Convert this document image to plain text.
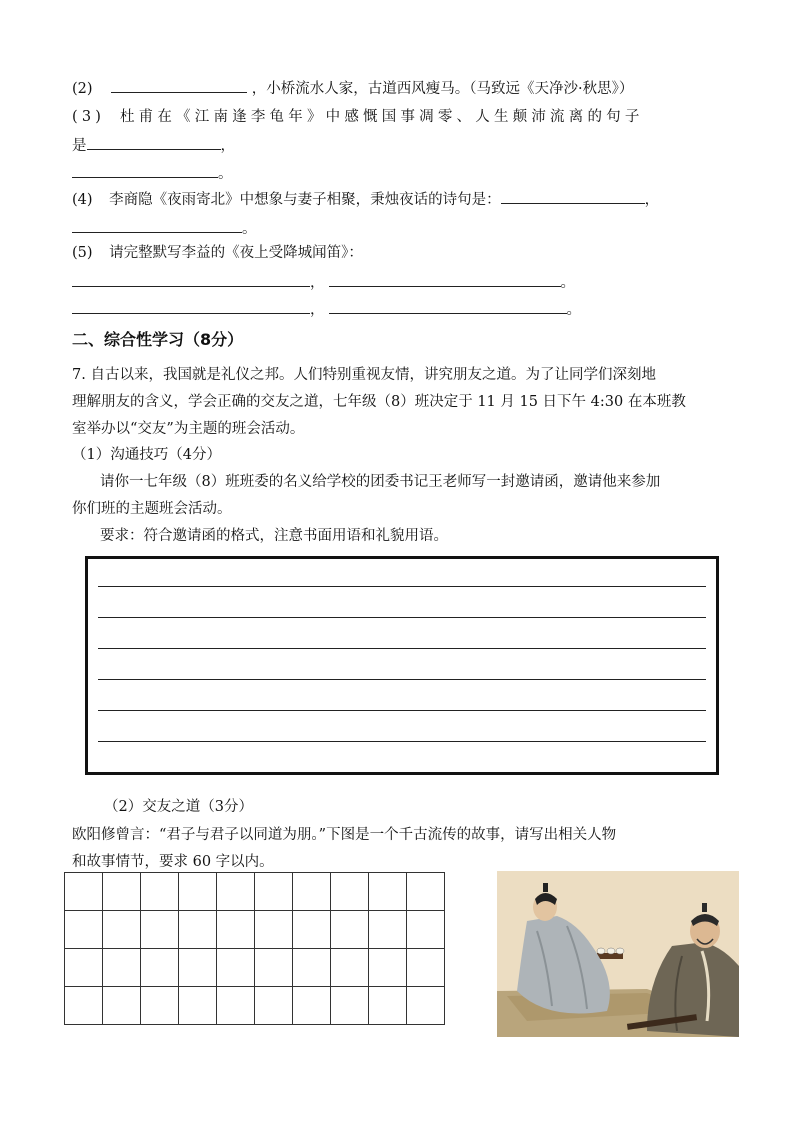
(2)	，小桥流水人家，古道西风瘦马。（马致远《天净沙·秋思》）
(3) 杜甫在《江南逢李龟年》中感慨国事凋零、人生颠沛流离的句子
是	，
。
(4) 李商隐《夜雨寄北》中想象与妻子相聚，秉烛夜话的诗句是：	，
。
(5) 请完整默写李益的《夜上受降城闻笛》：
，	。
，	。
二、综合性学习（8分）
7. 自古以来，我国就是礼仪之邦。人们特别重视友情，讲究朋友之道。为了让同学们深刻地
理解朋友的含义，学会正确的交友之道，七年级（8）班决定于 11 月 15 日下午 4:30 在本班教
室举办以“交友”为主题的班会活动。
（1）沟通技巧（4分）
请你一七年级（8）班班委的名义给学校的团委书记王老师写一封邀请函，邀请他来参加
你们班的主题班会活动。
要求：符合邀请函的格式，注意书面用语和礼貌用语。
（2）交友之道（3分）
欧阳修曾言：“君子与君子以同道为朋。”下图是一个千古流传的故事，请写出相关人物
和故事情节，要求 60 字以内。
